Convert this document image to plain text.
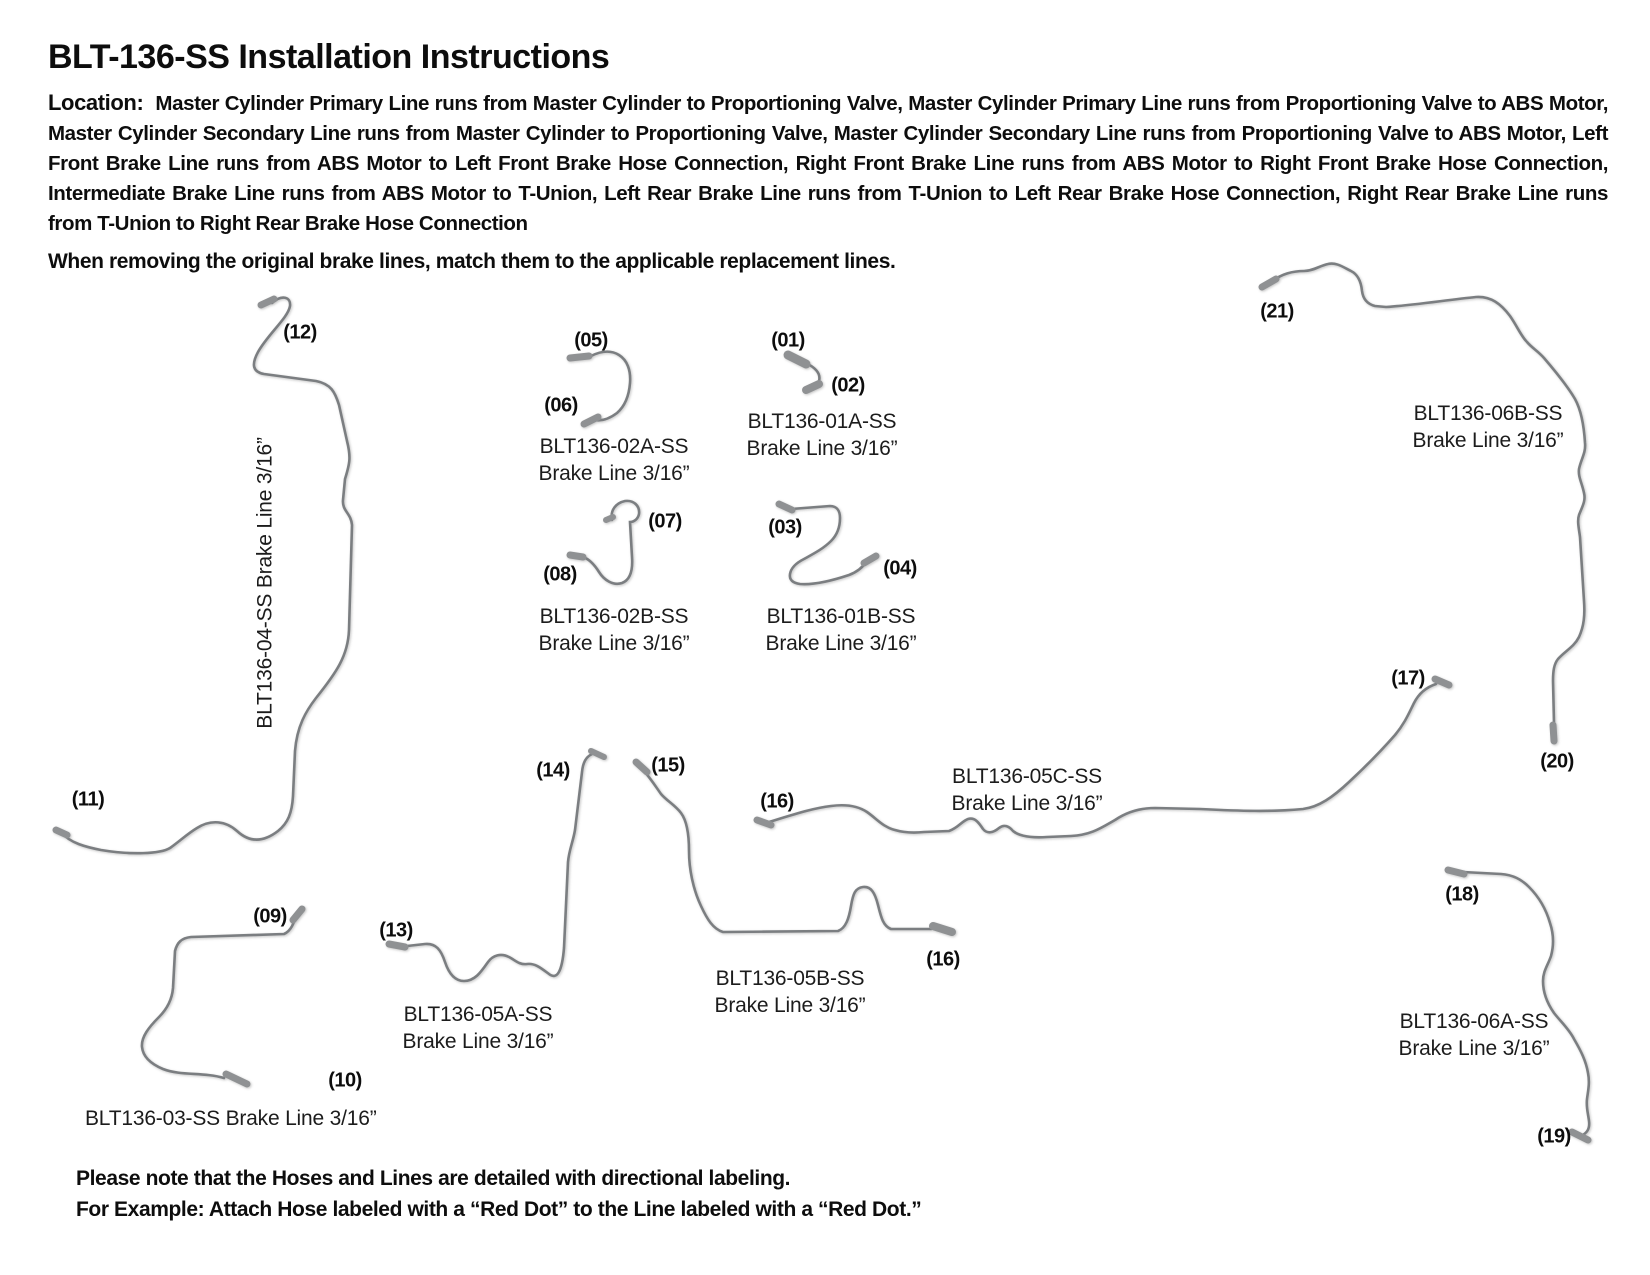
BLT-136-SS Installation Instructions

Location: Master Cylinder Primary Line runs from Master Cylinder to Proportioning Valve, Master Cylinder Primary Line runs from Proportioning Valve to ABS Motor, Master Cylinder Secondary Line runs from Master Cylinder to Proportioning Valve, Master Cylinder Secondary Line runs from Proportioning Valve to ABS Motor, Left Front Brake Line runs from ABS Motor to Left Front Brake Hose Connection, Right Front Brake Line runs from ABS Motor to Right Front Brake Hose Connection, Intermediate Brake Line runs from ABS Motor to T-Union, Left Rear Brake Line runs from T-Union to Left Rear Brake Hose Connection, Right Rear Brake Line runs from T-Union to Right Rear Brake Hose Connection

When removing the original brake lines, match them to the applicable replacement lines.

(01)
(02)
(03)
(04)
(05)
(06)
(07)
(08)
(09)
(10)
(11)
(12)
(13)
(14)	(15)
(16)
(16)
(17)
(18)
(19)
(20)
(21)
BLT136-02A-SS
Brake Line 3/16”
BLT136-01A-SS
Brake Line 3/16”
BLT136-02B-SS
Brake Line 3/16”
BLT136-01B-SS
Brake Line 3/16”
BLT136-05A-SS
Brake Line 3/16”
BLT136-05B-SS
Brake Line 3/16”
BLT136-05C-SS
Brake Line 3/16”
BLT136-06B-SS
Brake Line 3/16”
BLT136-06A-SS
Brake Line 3/16”
BLT136-03-SS Brake Line 3/16”
BLT136-04-SS Brake Line 3/16”

Please note that the Hoses and Lines are detailed with directional labeling.

For Example: Attach Hose labeled with a “Red Dot” to the Line labeled with a “Red Dot.”
